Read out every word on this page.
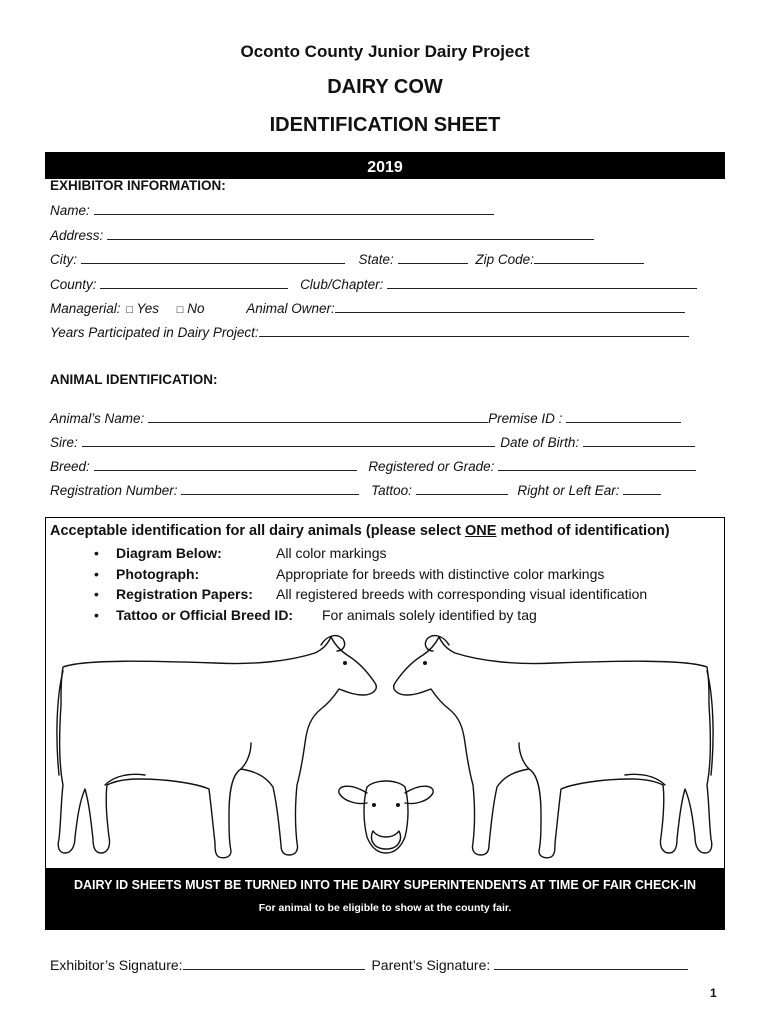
Oconto County Junior Dairy Project
DAIRY COW
IDENTIFICATION SHEET
2019
EXHIBITOR INFORMATION:
Name:
Address:
City:	State:	Zip Code:
County:	Club/Chapter:
Managerial: □ Yes □ No	Animal Owner:
Years Participated in Dairy Project:
ANIMAL IDENTIFICATION:
Animal’s Name:	Premise ID :
Sire:	Date of Birth:
Breed:	Registered or Grade:
Registration Number:	Tattoo:	Right or Left Ear:
Acceptable identification for all dairy animals (please select ONE method of identification)
• Diagram Below:	All color markings
• Photograph:	Appropriate for breeds with distinctive color markings
• Registration Papers: All registered breeds with corresponding visual identification
• Tattoo or Official Breed ID: For animals solely identified by tag
DAIRY ID SHEETS MUST BE TURNED INTO THE DAIRY SUPERINTENDENTS AT TIME OF FAIR CHECK-IN
For animal to be eligible to show at the county fair.
Exhibitor’s Signature:	Parent’s Signature:
1
